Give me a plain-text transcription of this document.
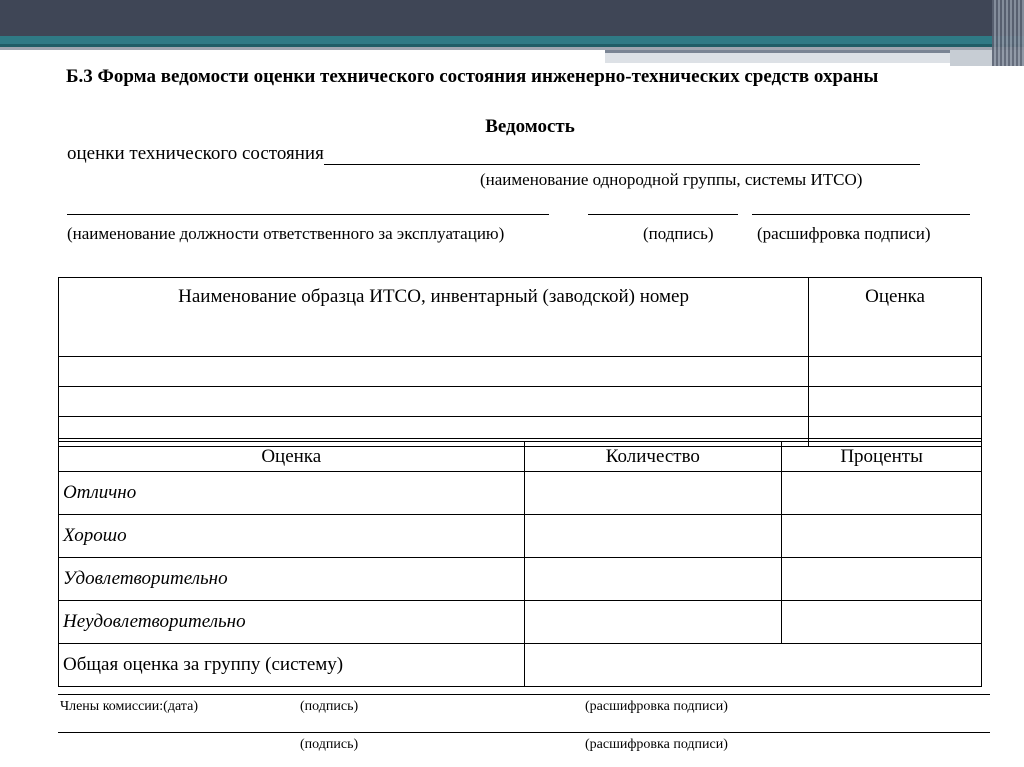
Б.3 Форма ведомости оценки технического состояния инженерно-технических средств охраны
Ведомость
оценки технического состояния
(наименование однородной группы, системы ИТСО)
(наименование должности ответственного за эксплуатацию)	(подпись)	(расшифровка подписи)
Наименование образца ИТСО, инвентарный (заводской) номер	Оценка

Оценка	Количество	Проценты
Отлично		
Хорошо		
Удовлетворительно		
Неудовлетворительно		
Общая оценка за группу (систему)		
Члены комиссии:(дата)	(подпись)	(расшифровка подписи)
(подпись)	(расшифровка подписи)
